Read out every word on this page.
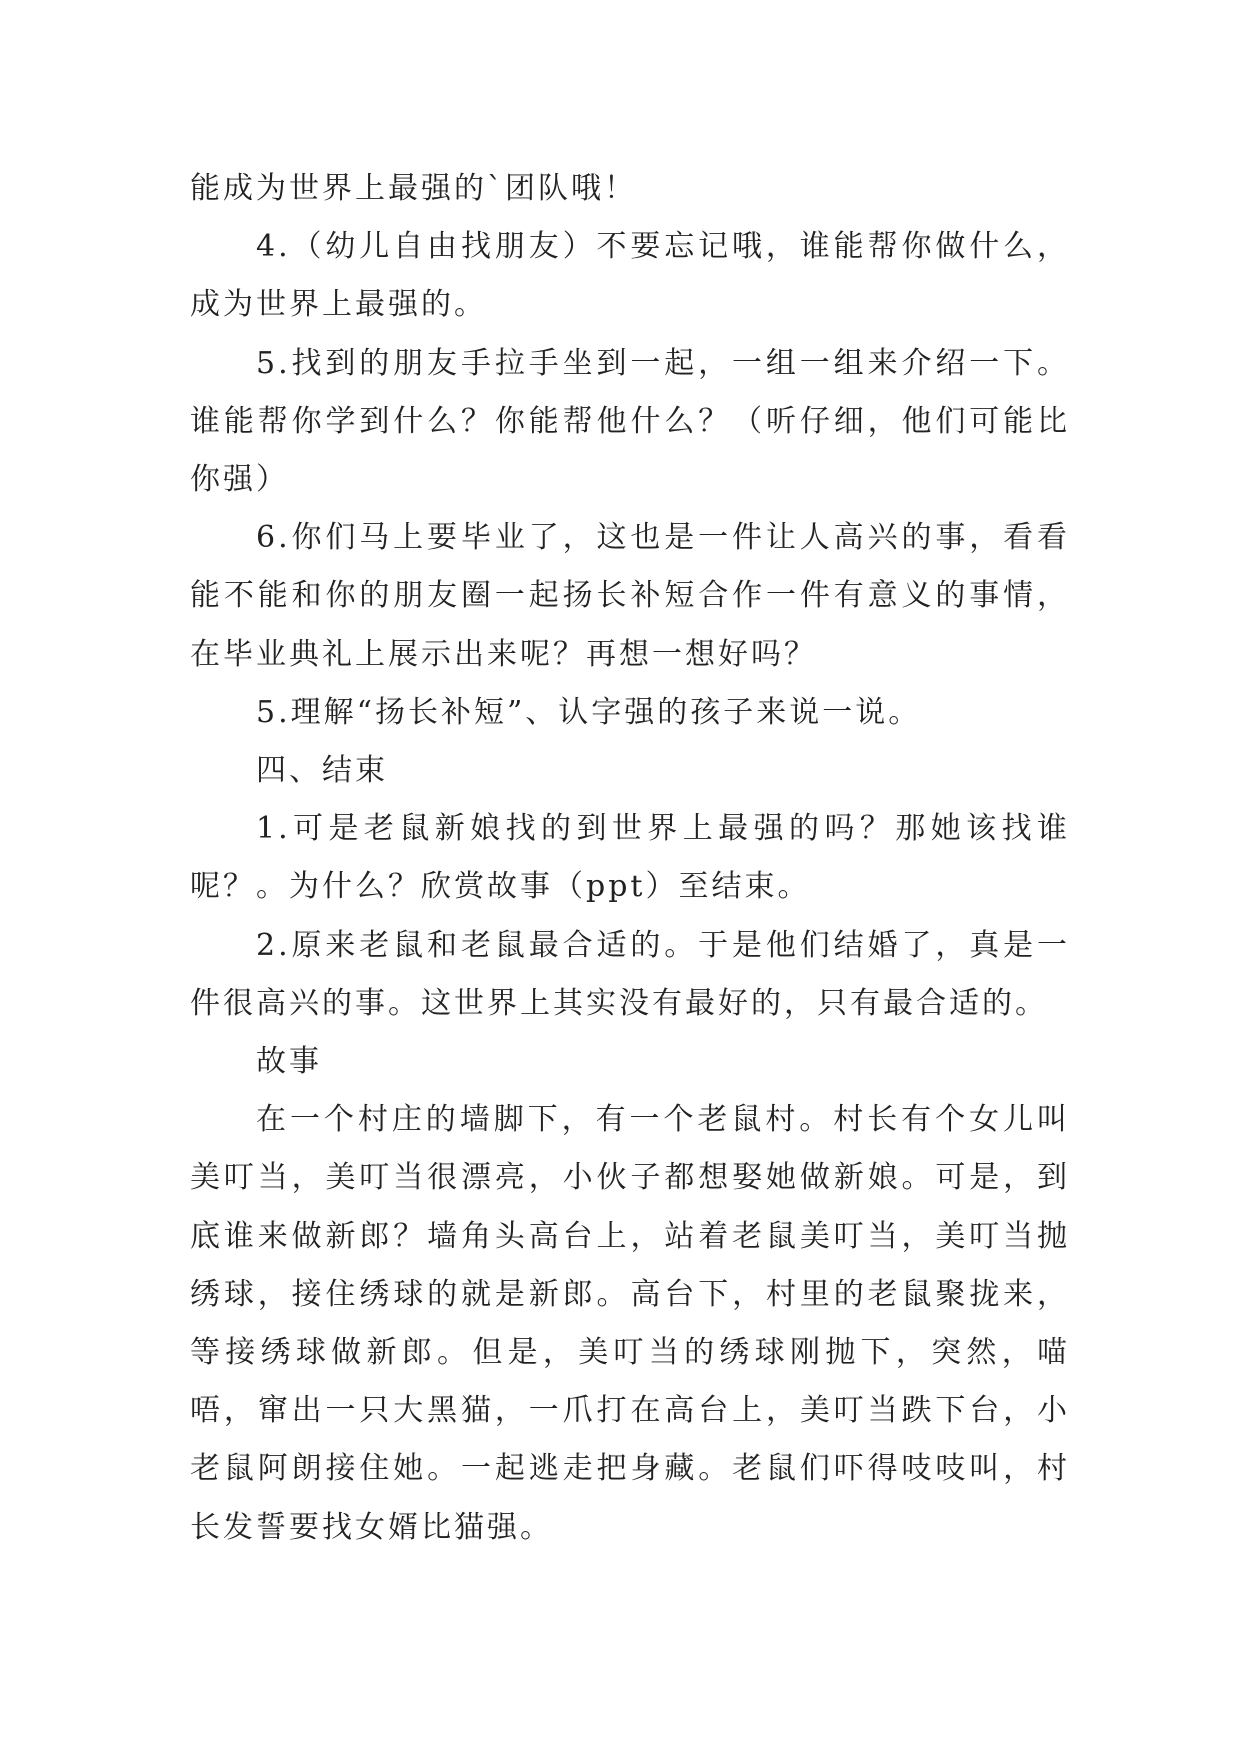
能成为世界上最强的`团队哦！

4.（幼儿自由找朋友）不要忘记哦，谁能帮你做什么，成为世界上最强的。

5.找到的朋友手拉手坐到一起，一组一组来介绍一下。谁能帮你学到什么？你能帮他什么？（听仔细，他们可能比你强）

6.你们马上要毕业了，这也是一件让人高兴的事，看看能不能和你的朋友圈一起扬长补短合作一件有意义的事情，在毕业典礼上展示出来呢？再想一想好吗？

5.理解“扬长补短”、认字强的孩子来说一说。

四、结束

1.可是老鼠新娘找的到世界上最强的吗？那她该找谁呢？。为什么？欣赏故事（ppt）至结束。

2.原来老鼠和老鼠最合适的。于是他们结婚了，真是一件很高兴的事。这世界上其实没有最好的，只有最合适的。

故事

在一个村庄的墙脚下，有一个老鼠村。村长有个女儿叫美叮当，美叮当很漂亮，小伙子都想娶她做新娘。可是，到底谁来做新郎？墙角头高台上，站着老鼠美叮当，美叮当抛绣球，接住绣球的就是新郎。高台下，村里的老鼠聚拢来，等接绣球做新郎。但是，美叮当的绣球刚抛下，突然，喵唔，窜出一只大黑猫，一爪打在高台上，美叮当跌下台，小老鼠阿朗接住她。一起逃走把身藏。老鼠们吓得吱吱叫，村长发誓要找女婿比猫强。
